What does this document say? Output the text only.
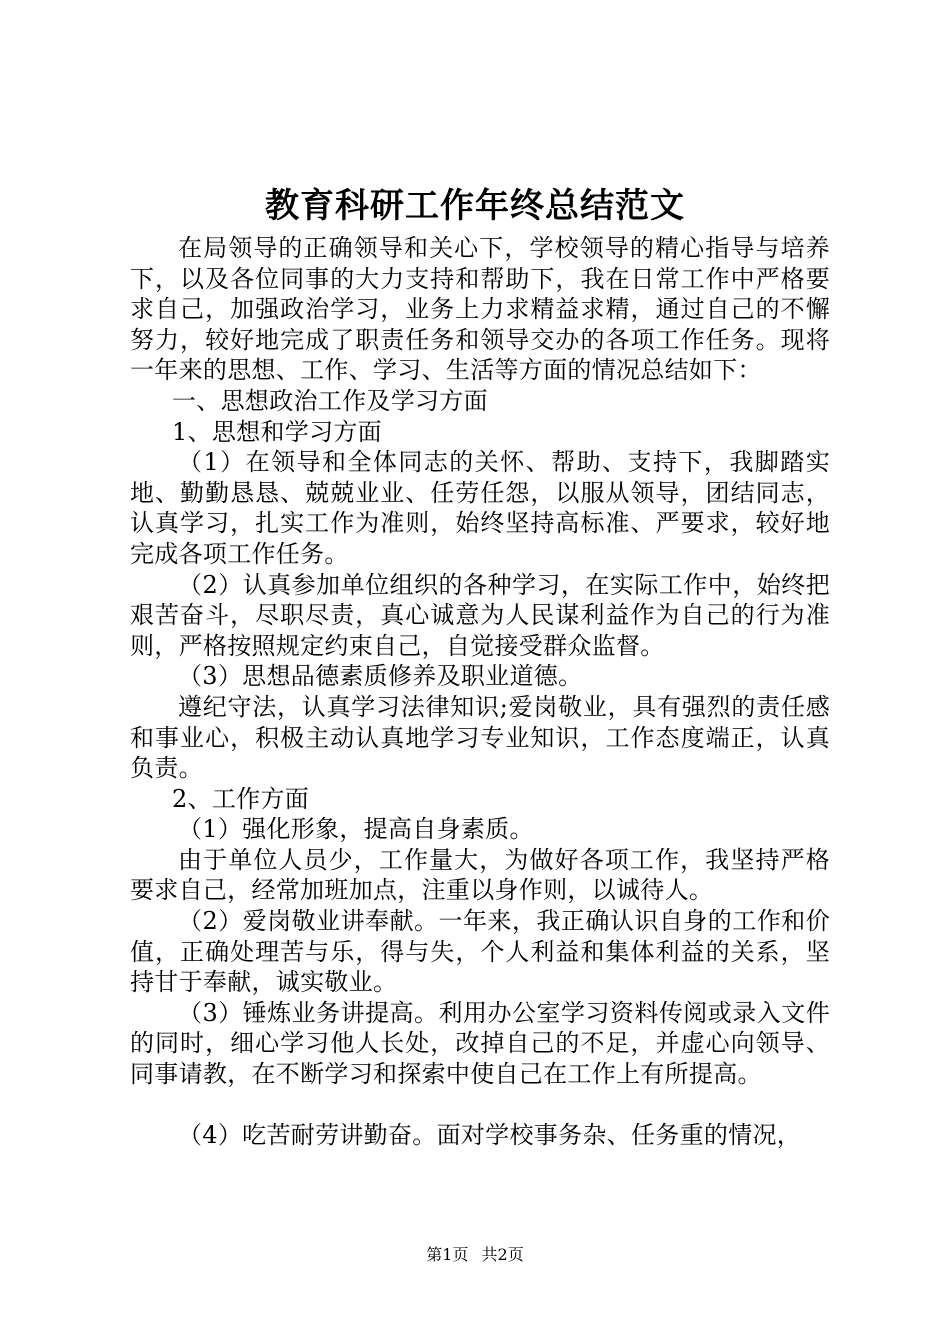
教育科研工作年终总结范文

在局领导的正确领导和关心下，学校领导的精心指导与培养下，以及各位同事的大力支持和帮助下，我在日常工作中严格要求自己，加强政治学习，业务上力求精益求精，通过自己的不懈努力，较好地完成了职责任务和领导交办的各项工作任务。现将一年来的思想、工作、学习、生活等方面的情况总结如下：

一、思想政治工作及学习方面

1、思想和学习方面

（1）在领导和全体同志的关怀、帮助、支持下，我脚踏实地、勤勤恳恳、兢兢业业、任劳任怨，以服从领导，团结同志，认真学习，扎实工作为准则，始终坚持高标准、严要求，较好地完成各项工作任务。

（2）认真参加单位组织的各种学习，在实际工作中，始终把艰苦奋斗，尽职尽责，真心诚意为人民谋利益作为自己的行为准则，严格按照规定约束自己，自觉接受群众监督。

（3）思想品德素质修养及职业道德。

遵纪守法，认真学习法律知识;爱岗敬业，具有强烈的责任感和事业心，积极主动认真地学习专业知识，工作态度端正，认真负责。

2、工作方面

（1）强化形象，提高自身素质。

由于单位人员少，工作量大，为做好各项工作，我坚持严格要求自己，经常加班加点，注重以身作则，以诚待人。

（2）爱岗敬业讲奉献。一年来，我正确认识自身的工作和价值，正确处理苦与乐，得与失，个人利益和集体利益的关系，坚持甘于奉献，诚实敬业。

（3）锤炼业务讲提高。利用办公室学习资料传阅或录入文件的同时，细心学习他人长处，改掉自己的不足，并虚心向领导、同事请教，在不断学习和探索中使自己在工作上有所提高。

（4）吃苦耐劳讲勤奋。面对学校事务杂、任务重的情况，

第1页 共2页
